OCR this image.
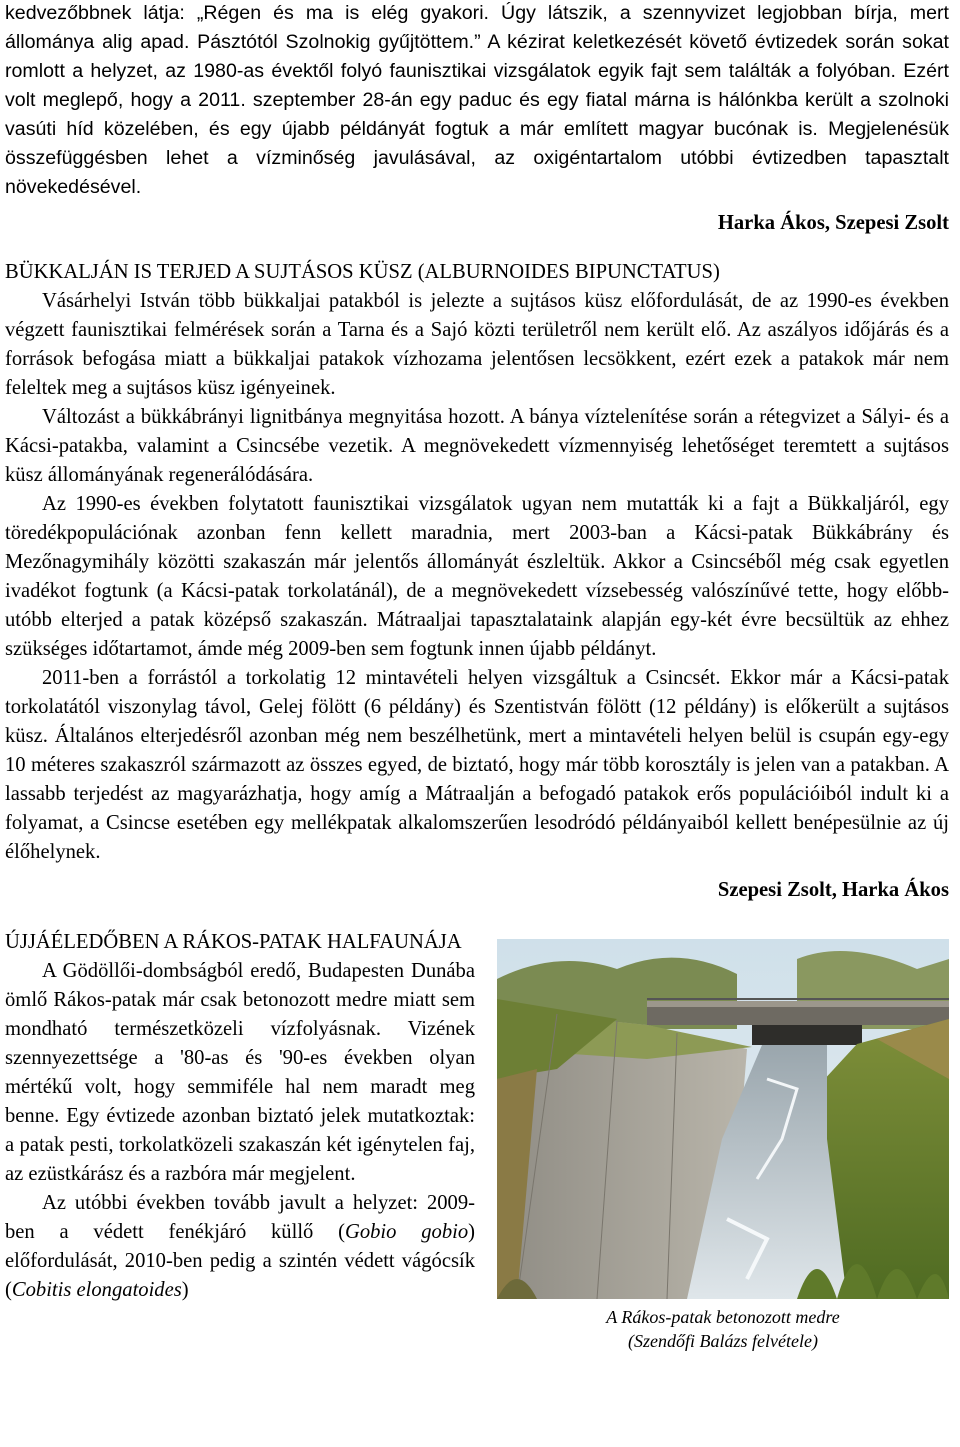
kedvezőbbnek látja: „Régen és ma is elég gyakori. Úgy látszik, a szennyvizet legjobban bírja, mert állománya alig apad. Pásztótól Szolnokig gyűjtöttem.” A kézirat keletkezését követő évtizedek során sokat romlott a helyzet, az 1980-as évektől folyó faunisztikai vizsgálatok egyik fajt sem találták a folyóban. Ezért volt meglepő, hogy a 2011. szeptember 28-án egy paduc és egy fiatal márna is hálónkba került a szolnoki vasúti híd közelében, és egy újabb példányát fogtuk a már említett magyar bucónak is. Megjelenésük összefüggésben lehet a vízminőség javulásával, az oxigéntartalom utóbbi évtizedben tapasztalt növekedésével.

Harka Ákos, Szepesi Zsolt

BÜKKALJÁN IS TERJED A SUJTÁSOS KÜSZ (ALBURNOIDES BIPUNCTATUS)

Vásárhelyi István több bükkaljai patakból is jelezte a sujtásos küsz előfordulását, de az 1990-es években végzett faunisztikai felmérések során a Tarna és a Sajó közti területről nem került elő. Az aszályos időjárás és a források befogása miatt a bükkaljai patakok vízhozama jelentősen lecsökkent, ezért ezek a patakok már nem feleltek meg a sujtásos küsz igényeinek.

Változást a bükkábrányi lignitbánya megnyitása hozott. A bánya víztelenítése során a rétegvizet a Sályi- és a Kácsi-patakba, valamint a Csincsébe vezetik. A megnövekedett vízmennyiség lehetőséget teremtett a sujtásos küsz állományának regenerálódására.

Az 1990-es években folytatott faunisztikai vizsgálatok ugyan nem mutatták ki a fajt a Bükkaljáról, egy töredékpopulációnak azonban fenn kellett maradnia, mert 2003-ban a Kácsi-patak Bükkábrány és Mezőnagymihály közötti szakaszán már jelentős állományát észleltük. Akkor a Csincséből még csak egyetlen ivadékot fogtunk (a Kácsi-patak torkolatánál), de a megnövekedett vízsebesség valószínűvé tette, hogy előbb-utóbb elterjed a patak középső szakaszán. Mátraaljai tapasztalataink alapján egy-két évre becsültük az ehhez szükséges időtartamot, ámde még 2009-ben sem fogtunk innen újabb példányt.

2011-ben a forrástól a torkolatig 12 mintavételi helyen vizsgáltuk a Csincsét. Ekkor már a Kácsi-patak torkolatától viszonylag távol, Gelej fölött (6 példány) és Szentistván fölött (12 példány) is előkerült a sujtásos küsz. Általános elterjedésről azonban még nem beszélhetünk, mert a mintavételi helyen belül is csupán egy-egy 10 méteres szakaszról származott az összes egyed, de biztató, hogy már több korosztály is jelen van a patakban. A lassabb terjedést az magyarázhatja, hogy amíg a Mátraalján a befogadó patakok erős populációiból indult ki a folyamat, a Csincse esetében egy mellékpatak alkalomszerűen lesodródó példányaiból kellett benépesülnie az új élőhelynek.

Szepesi Zsolt, Harka Ákos

ÚJJÁÉLEDŐBEN A RÁKOS-PATAK HALFAUNÁJA

A Gödöllői-dombságból eredő, Budapesten Dunába ömlő Rákos-patak már csak betonozott medre miatt sem mondható természetközeli vízfolyásnak. Vizének szennyezettsége a '80-as és '90-es években olyan mértékű volt, hogy semmiféle hal nem maradt meg benne. Egy évtizede azonban biztató jelek mutatkoztak: a patak pesti, torkolatközeli szakaszán két igénytelen faj, az ezüstkárász és a razbóra már megjelent.

Az utóbbi években tovább javult a helyzet: 2009-ben a védett fenékjáró küllő (Gobio gobio) előfordulását, 2010-ben pedig a szintén védett vágócsík (Cobitis elongatoides)

A Rákos-patak betonozott medre
(Szendőfi Balázs felvétele)
